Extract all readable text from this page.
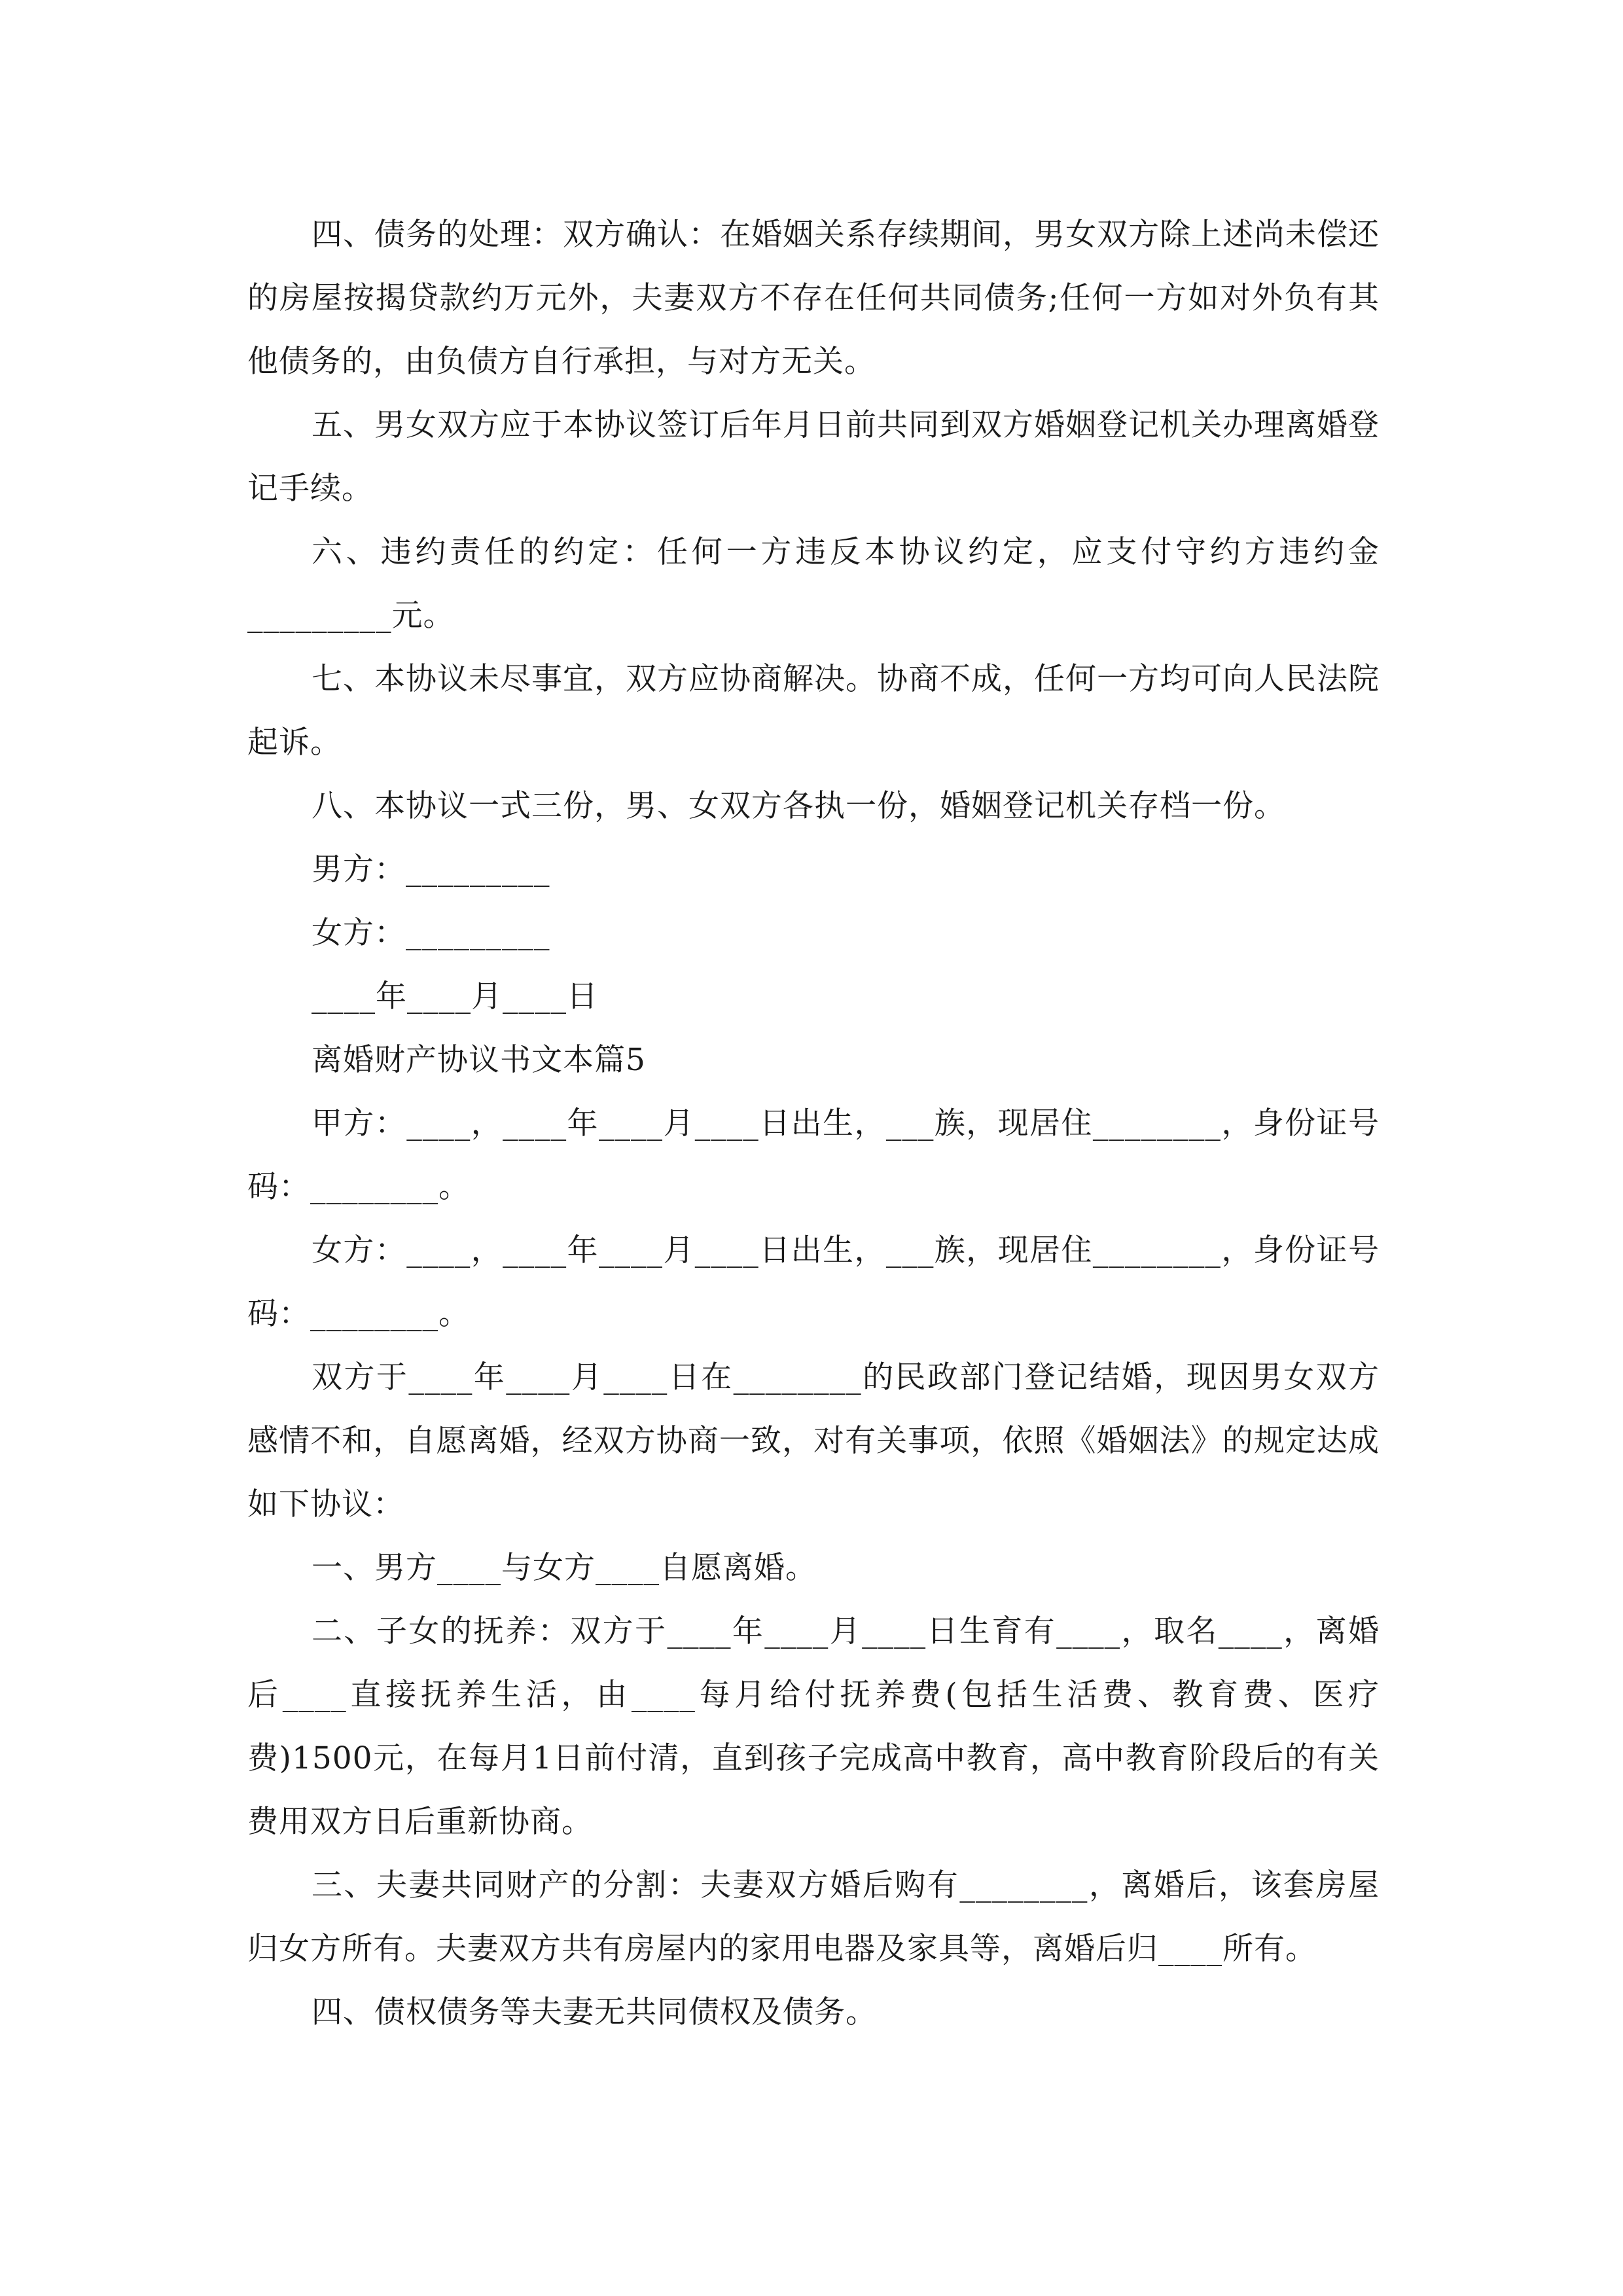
四、债务的处理：双方确认：在婚姻关系存续期间，男女双方除上述尚未偿还的房屋按揭贷款约万元外，夫妻双方不存在任何共同债务;任何一方如对外负有其他债务的，由负债方自行承担，与对方无关。

五、男女双方应于本协议签订后年月日前共同到双方婚姻登记机关办理离婚登记手续。

六、违约责任的约定：任何一方违反本协议约定，应支付守约方违约金_________元。

七、本协议未尽事宜，双方应协商解决。协商不成，任何一方均可向人民法院起诉。

八、本协议一式三份，男、女双方各执一份，婚姻登记机关存档一份。

男方：_________

女方：_________

____年____月____日

离婚财产协议书文本篇5

甲方：____，____年____月____日出生，___族，现居住________，身份证号码：________。

女方：____，____年____月____日出生，___族，现居住________，身份证号码：________。

双方于____年____月____日在________的民政部门登记结婚，现因男女双方感情不和，自愿离婚，经双方协商一致，对有关事项，依照《婚姻法》的规定达成如下协议：

一、男方____与女方____自愿离婚。

二、子女的抚养：双方于____年____月____日生育有____，取名____，离婚后____直接抚养生活，由____每月给付抚养费(包括生活费、教育费、医疗费)1500元，在每月1日前付清，直到孩子完成高中教育，高中教育阶段后的有关费用双方日后重新协商。

三、夫妻共同财产的分割：夫妻双方婚后购有________，离婚后，该套房屋归女方所有。夫妻双方共有房屋内的家用电器及家具等，离婚后归____所有。

四、债权债务等夫妻无共同债权及债务。
